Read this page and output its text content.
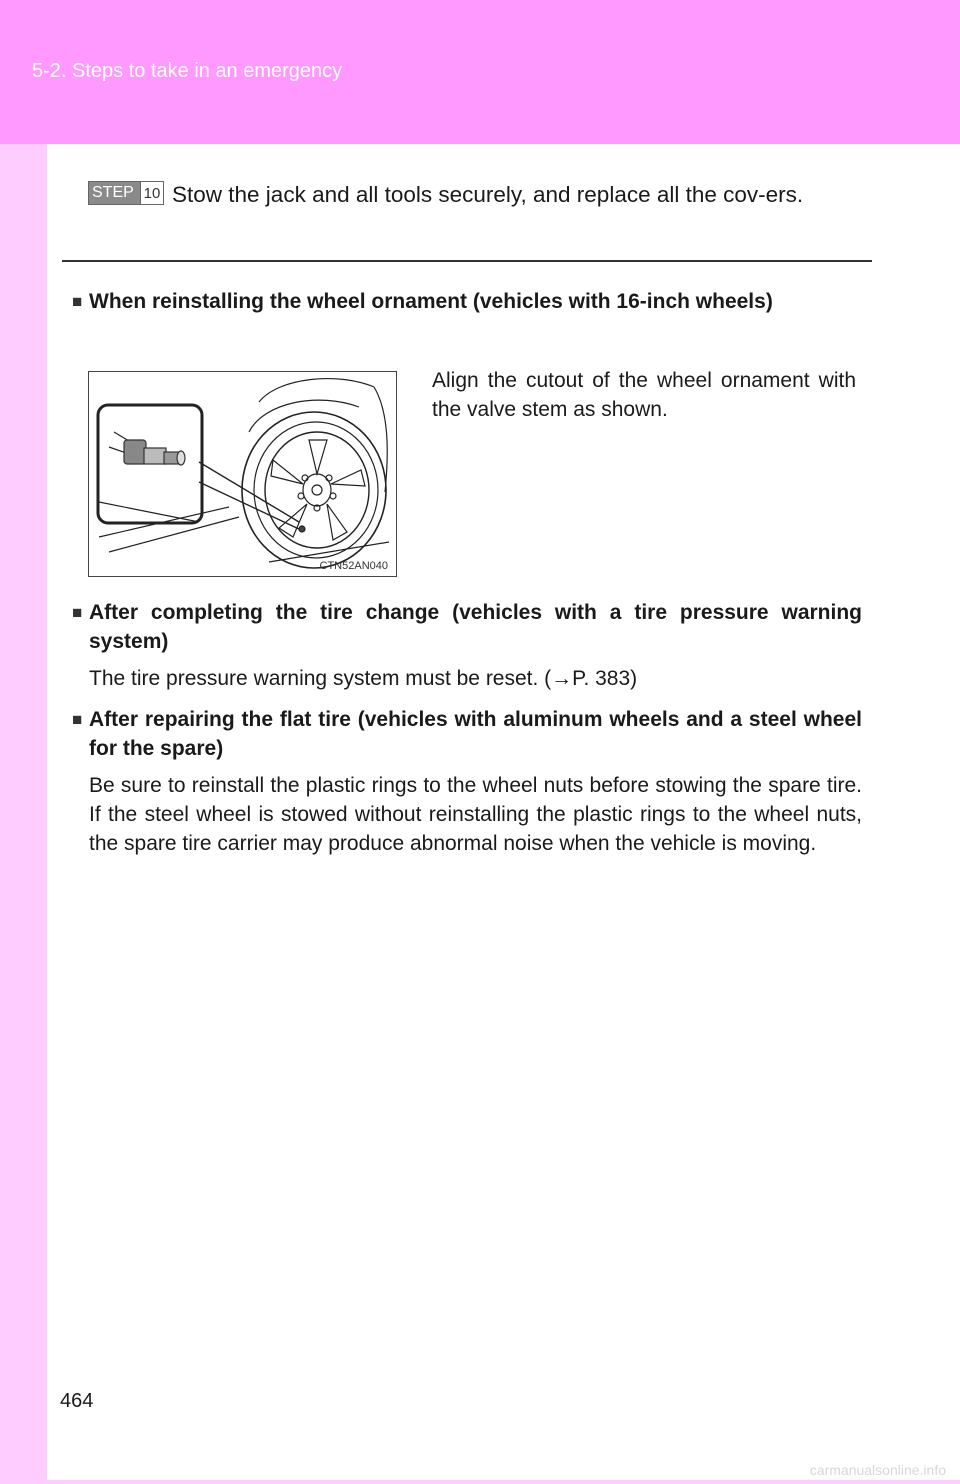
5-2. Steps to take in an emergency
STEP 10 Stow the jack and all tools securely, and replace all the cov-ers.
■ When reinstalling the wheel ornament (vehicles with 16-inch wheels)
CTN52AN040
Align the cutout of the wheel ornament with the valve stem as shown.
■ After completing the tire change (vehicles with a tire pressure warning system)
The tire pressure warning system must be reset. (→P. 383)
■ After repairing the flat tire (vehicles with aluminum wheels and a steel wheel for the spare)
Be sure to reinstall the plastic rings to the wheel nuts before stowing the spare tire. If the steel wheel is stowed without reinstalling the plastic rings to the wheel nuts, the spare tire carrier may produce abnormal noise when the vehicle is moving.
464
carmanualsonline.info
